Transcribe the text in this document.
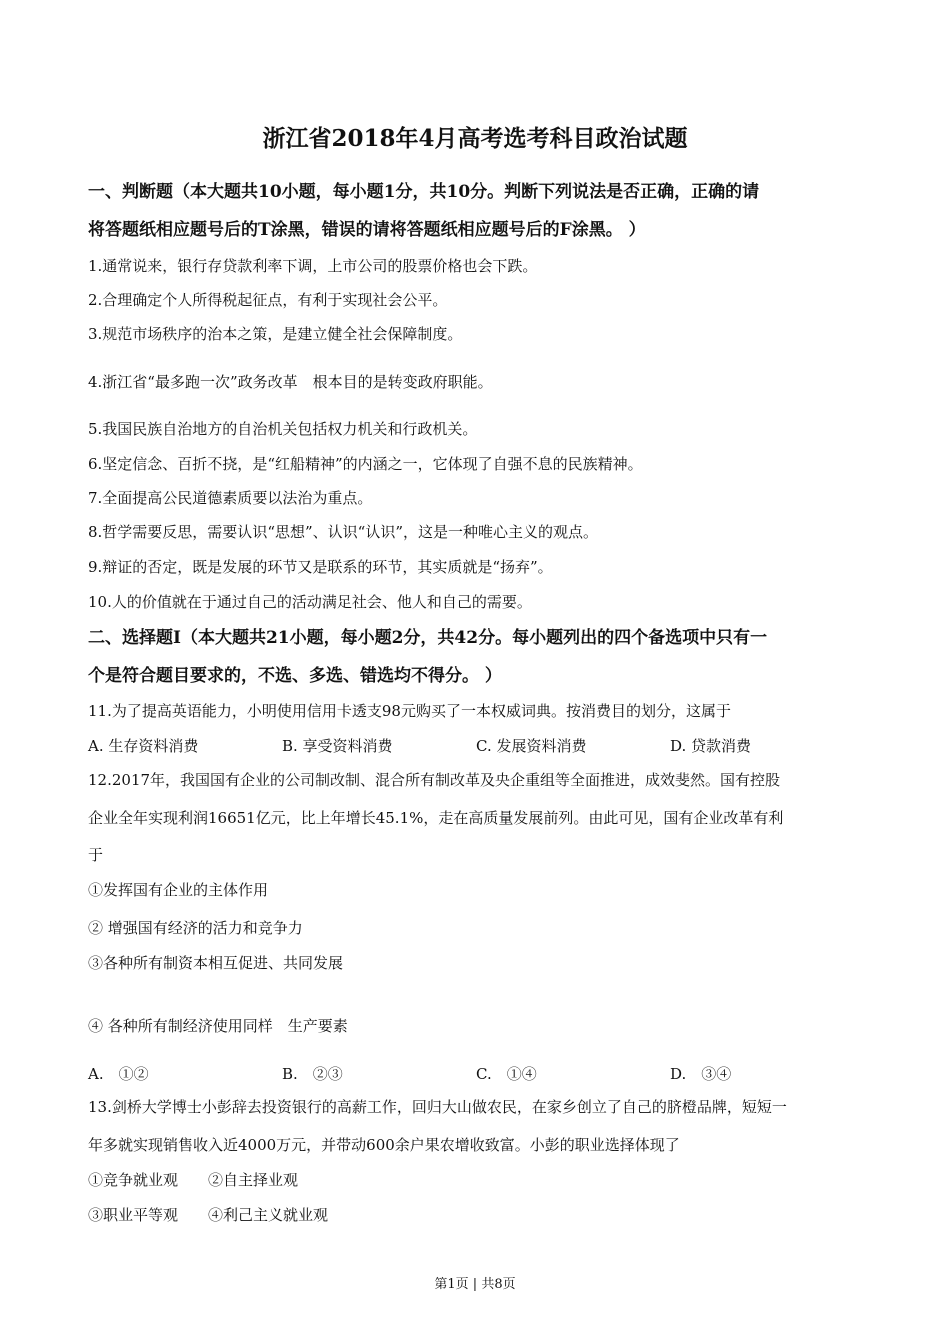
浙江省2018年4月高考选考科目政治试题
一、判断题（本大题共10小题，每小题1分，共10分。判断下列说法是否正确，正确的请
将答题纸相应题号后的T涂黑，错误的请将答题纸相应题号后的F涂黑。 ）
1.通常说来，银行存贷款利率下调，上市公司的股票价格也会下跌。
2.合理确定个人所得税起征点，有利于实现社会公平。
3.规范市场秩序的治本之策，是建立健全社会保障制度。
4.浙江省“最多跑一次”政务改革　根本目的是转变政府职能。
5.我国民族自治地方的自治机关包括权力机关和行政机关。
6.坚定信念、百折不挠，是“红船精神”的内涵之一，它体现了自强不息的民族精神。
7.全面提高公民道德素质要以法治为重点。
8.哲学需要反思，需要认识“思想”、认识“认识”，这是一种唯心主义的观点。
9.辩证的否定，既是发展的环节又是联系的环节，其实质就是“扬弃”。
10.人的价值就在于通过自己的活动满足社会、他人和自己的需要。
二、选择题Ⅰ（本大题共21小题，每小题2分，共42分。每小题列出的四个备选项中只有一
个是符合题目要求的，不选、多选、错选均不得分。 ）
11.为了提高英语能力，小明使用信用卡透支98元购买了一本权威词典。按消费目的划分，这属于
A. 生存资料消费	B. 享受资料消费	C. 发展资料消费	D. 贷款消费
12.2017年，我国国有企业的公司制改制、混合所有制改革及央企重组等全面推进，成效斐然。国有控股
企业全年实现利润16651亿元，比上年增长45.1%，走在高质量发展前列。由此可见，国有企业改革有利
于
①发挥国有企业的主体作用
② 增强国有经济的活力和竞争力
③各种所有制资本相互促进、共同发展
④ 各种所有制经济使用同样　生产要素
A.　①②	B.　②③	C.　①④	D.　③④
13.剑桥大学博士小彭辞去投资银行的高薪工作，回归大山做农民，在家乡创立了自己的脐橙品牌，短短一
年多就实现销售收入近4000万元，并带动600余户果农增收致富。小彭的职业选择体现了
①竞争就业观　　②自主择业观
③职业平等观　　④利己主义就业观
第1页 | 共8页
